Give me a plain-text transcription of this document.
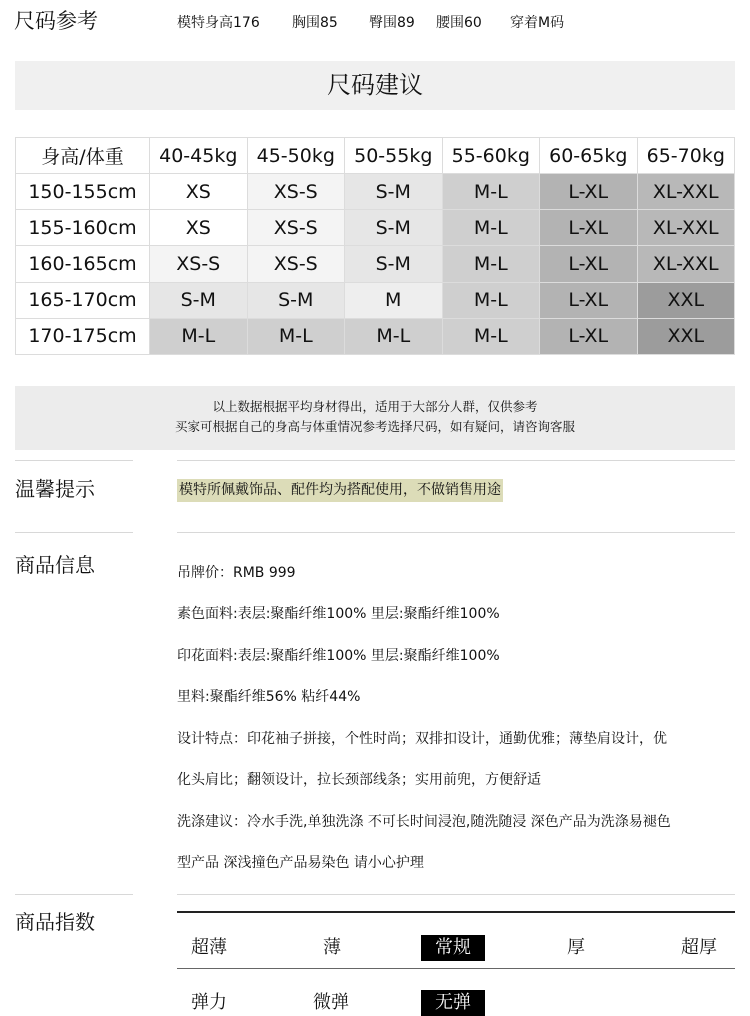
尺码参考	模特身高176 胸围85 臀围89 腰围60 穿着M码
尺码建议
身高/体重	40-45kg	45-50kg	50-55kg	55-60kg	60-65kg	65-70kg
150-155cm	XS	XS-S	S-M	M-L	L-XL	XL-XXL
155-160cm	XS	XS-S	S-M	M-L	L-XL	XL-XXL
160-165cm	XS-S	XS-S	S-M	M-L	L-XL	XL-XXL
165-170cm	S-M	S-M	M	M-L	L-XL	XXL
170-175cm	M-L	M-L	M-L	M-L	L-XL	XXL
以上数据根据平均身材得出，适用于大部分人群，仅供参考
买家可根据自己的身高与体重情况参考选择尺码，如有疑问，请咨询客服
温馨提示	模特所佩戴饰品、配件均为搭配使用，不做销售用途
商品信息	吊牌价：RMB 999
素色面料:表层:聚酯纤维100% 里层:聚酯纤维100%
印花面料:表层:聚酯纤维100% 里层:聚酯纤维100%
里料:聚酯纤维56% 粘纤44%
设计特点：印花袖子拼接，个性时尚；双排扣设计，通勤优雅；薄垫肩设计，优
化头肩比；翻领设计，拉长颈部线条；实用前兜，方便舒适
洗涤建议：冷水手洗,单独洗涤 不可长时间浸泡,随洗随浸 深色产品为洗涤易褪色
型产品 深浅撞色产品易染色 请小心护理
商品指数
超薄	薄	常规	厚	超厚
弹力	微弹	无弹
